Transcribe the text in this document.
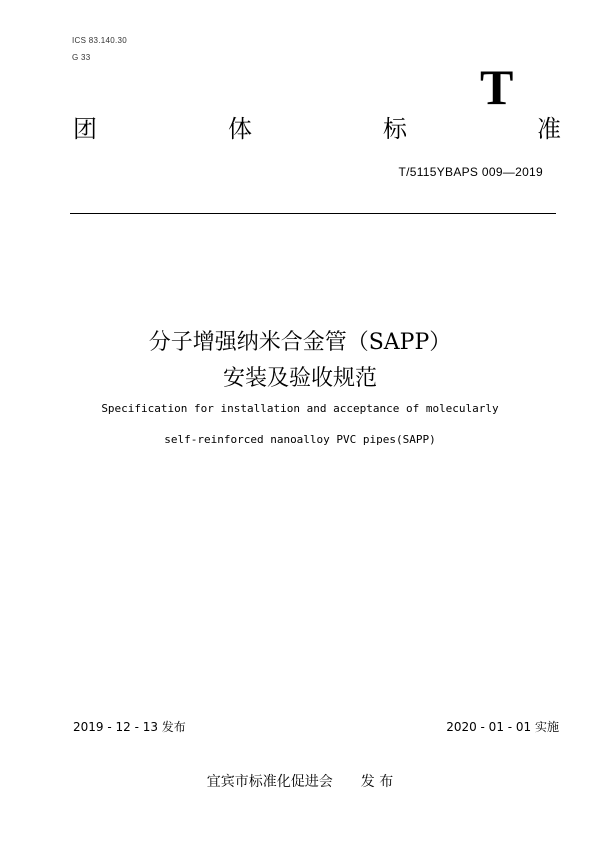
ICS 83.140.30
G 33
T
团	体	标	准
T/5115YBAPS 009—2019
分子增强纳米合金管（SAPP）
安装及验收规范
Specification for installation and acceptance of molecularly
self-reinforced nanoalloy PVC pipes(SAPP)
2019 - 12 - 13 发布	2020 - 01 - 01 实施
宜宾市标准化促进会 发 布
